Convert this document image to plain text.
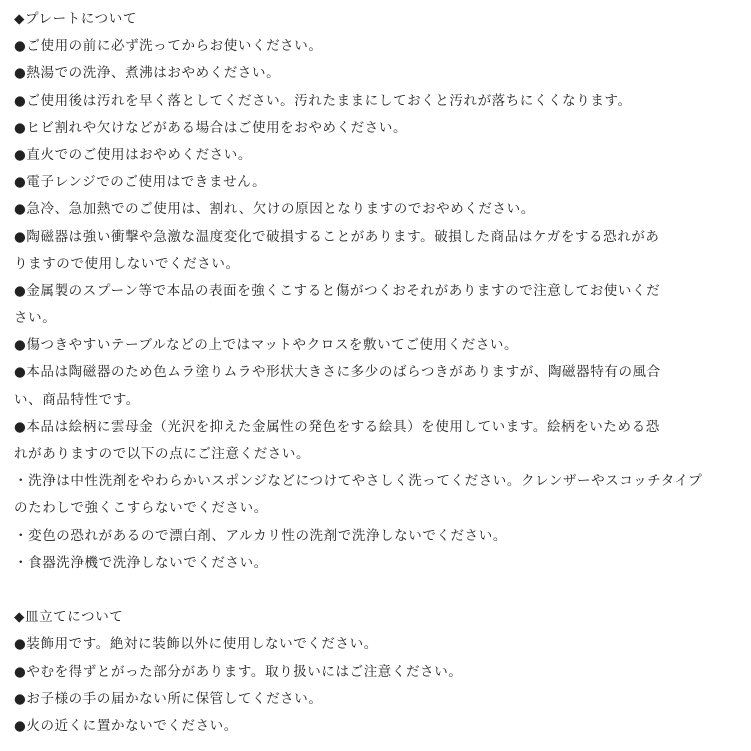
◆プレートについて
●ご使用の前に必ず洗ってからお使いください。
●熱湯での洗浄、煮沸はおやめください。
●ご使用後は汚れを早く落としてください。汚れたままにしておくと汚れが落ちにくくなります。
●ヒビ割れや欠けなどがある場合はご使用をおやめください。
●直火でのご使用はおやめください。
●電子レンジでのご使用はできません。
●急冷、急加熱でのご使用は、割れ、欠けの原因となりますのでおやめください。
●陶磁器は強い衝撃や急激な温度変化で破損することがあります。破損した商品はケガをする恐れがあ
りますので使用しないでください。
●金属製のスプーン等で本品の表面を強くこすると傷がつくおそれがありますので注意してお使いくだ
さい。
●傷つきやすいテーブルなどの上ではマットやクロスを敷いてご使用ください。
●本品は陶磁器のため色ムラ塗りムラや形状大きさに多少のばらつきがありますが、陶磁器特有の風合
い、商品特性です。
●本品は絵柄に雲母金（光沢を抑えた金属性の発色をする絵具）を使用しています。絵柄をいためる恐
れがありますので以下の点にご注意ください。
・洗浄は中性洗剤をやわらかいスポンジなどにつけてやさしく洗ってください。クレンザーやスコッチタイプ
のたわしで強くこすらないでください。
・変色の恐れがあるので漂白剤、アルカリ性の洗剤で洗浄しないでください。
・食器洗浄機で洗浄しないでください。
◆皿立てについて
●装飾用です。絶対に装飾以外に使用しないでください。
●やむを得ずとがった部分があります。取り扱いにはご注意ください。
●お子様の手の届かない所に保管してください。
●火の近くに置かないでください。
